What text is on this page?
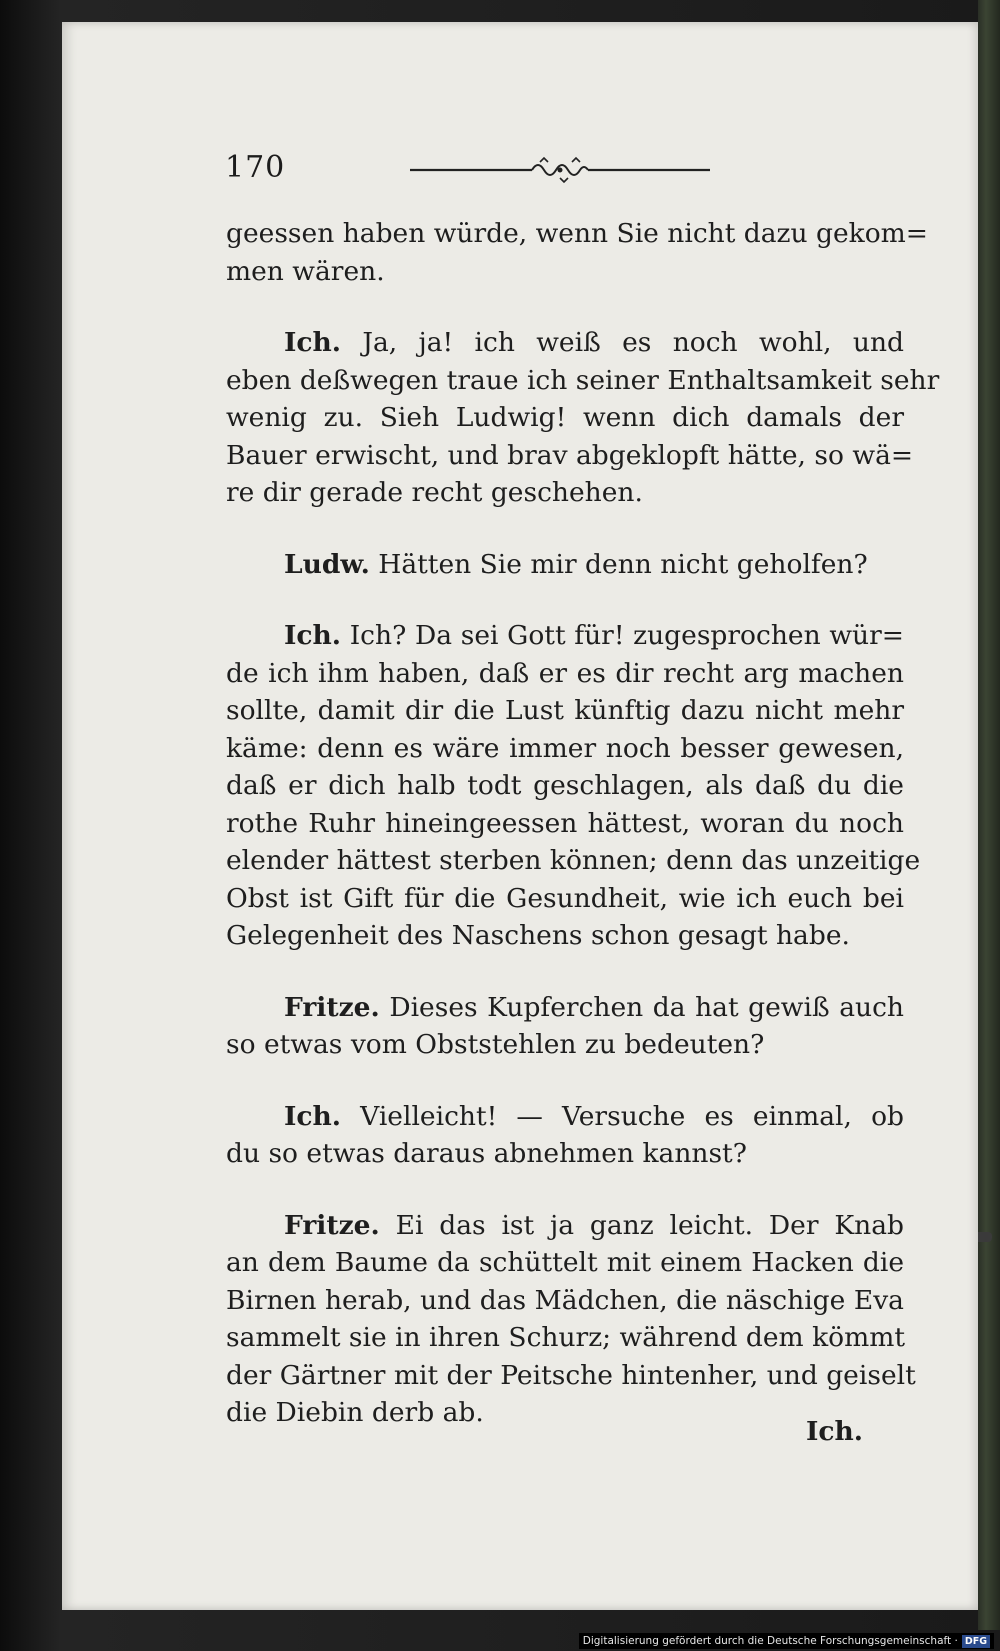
170
geessen haben würde, wenn Sie nicht dazu gekom=
men wären.
Ich. Ja, ja! ich weiß es noch wohl, und
eben deßwegen traue ich seiner Enthaltsamkeit sehr
wenig zu. Sieh Ludwig! wenn dich damals der
Bauer erwischt, und brav abgeklopft hätte, so wä=
re dir gerade recht geschehen.
Ludw. Hätten Sie mir denn nicht geholfen?
Ich. Ich? Da sei Gott für! zugesprochen wür=
de ich ihm haben, daß er es dir recht arg machen
sollte, damit dir die Lust künftig dazu nicht mehr
käme: denn es wäre immer noch besser gewesen,
daß er dich halb todt geschlagen, als daß du die
rothe Ruhr hineingeessen hättest, woran du noch
elender hättest sterben können; denn das unzeitige
Obst ist Gift für die Gesundheit, wie ich euch bei
Gelegenheit des Naschens schon gesagt habe.
Fritze. Dieses Kupferchen da hat gewiß auch
so etwas vom Obststehlen zu bedeuten?
Ich. Vielleicht! — Versuche es einmal, ob
du so etwas daraus abnehmen kannst?
Fritze. Ei das ist ja ganz leicht. Der Knab
an dem Baume da schüttelt mit einem Hacken die
Birnen herab, und das Mädchen, die näschige Eva
sammelt sie in ihren Schurz; während dem kömmt
der Gärtner mit der Peitsche hintenher, und geiselt
die Diebin derb ab.
Ich.
Digitalisierung gefördert durch die Deutsche Forschungsgemeinschaft · DFG
